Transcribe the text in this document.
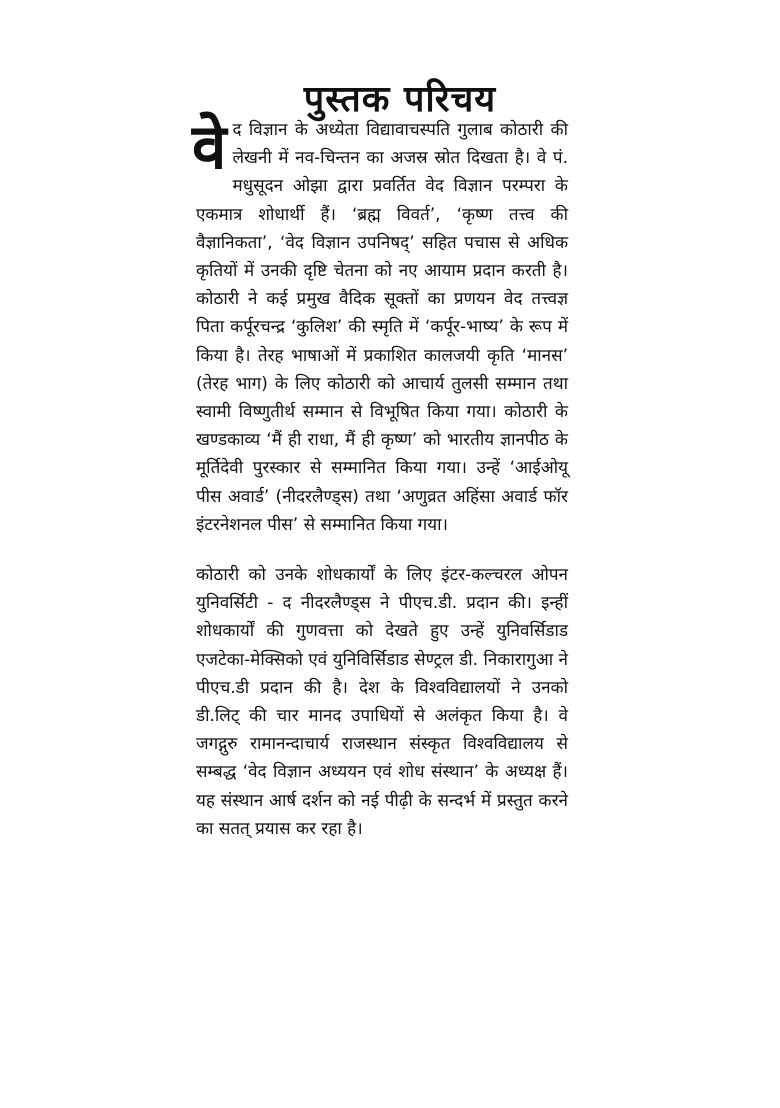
पुस्तक परिचय

वे द विज्ञान के अध्येता विद्यावाचस्पति गुलाब कोठारी की लेखनी में नव-चिन्तन का अजस्र स्रोत दिखता है। वे पं. मधुसूदन ओझा द्वारा प्रवर्तित वेद विज्ञान परम्परा के एकमात्र शोधार्थी हैं। ‘ब्रह्म विवर्त’, ‘कृष्ण तत्त्व की वैज्ञानिकता’, ‘वेद विज्ञान उपनिषद्’ सहित पचास से अधिक कृतियों में उनकी दृष्टि चेतना को नए आयाम प्रदान करती है। कोठारी ने कई प्रमुख वैदिक सूक्तों का प्रणयन वेद तत्त्वज्ञ पिता कर्पूरचन्द्र ‘कुलिश’ की स्मृति में ‘कर्पूर-भाष्य’ के रूप में किया है। तेरह भाषाओं में प्रकाशित कालजयी कृति ‘मानस’ (तेरह भाग) के लिए कोठारी को आचार्य तुलसी सम्मान तथा स्वामी विष्णुतीर्थ सम्मान से विभूषित किया गया। कोठारी के खण्डकाव्य ‘मैं ही राधा, मैं ही कृष्ण’ को भारतीय ज्ञानपीठ के मूर्तिदेवी पुरस्कार से सम्मानित किया गया। उन्हें ‘आईओयू पीस अवार्ड’ (नीदरलैण्ड्स) तथा ‘अणुव्रत अहिंसा अवार्ड फॉर इंटरनेशनल पीस’ से सम्मानित किया गया।

कोठारी को उनके शोधकार्यों के लिए इंटर-कल्चरल ओपन युनिवर्सिटी - द नीदरलैण्ड्स ने पीएच.डी. प्रदान की। इन्हीं शोधकार्यों की गुणवत्ता को देखते हुए उन्हें युनिवर्सिडाड एजटेका-मेक्सिको एवं युनिविर्सिडाड सेण्ट्रल डी. निकारागुआ ने पीएच.डी प्रदान की है। देश के विश्वविद्यालयों ने उनको डी.लिट् की चार मानद उपाधियों से अलंकृत किया है। वे जगद्गुरु रामानन्दाचार्य राजस्थान संस्कृत विश्वविद्यालय से सम्बद्ध ‘वेद विज्ञान अध्ययन एवं शोध संस्थान’ के अध्यक्ष हैं। यह संस्थान आर्ष दर्शन को नई पीढ़ी के सन्दर्भ में प्रस्तुत करने का सतत् प्रयास कर रहा है।
